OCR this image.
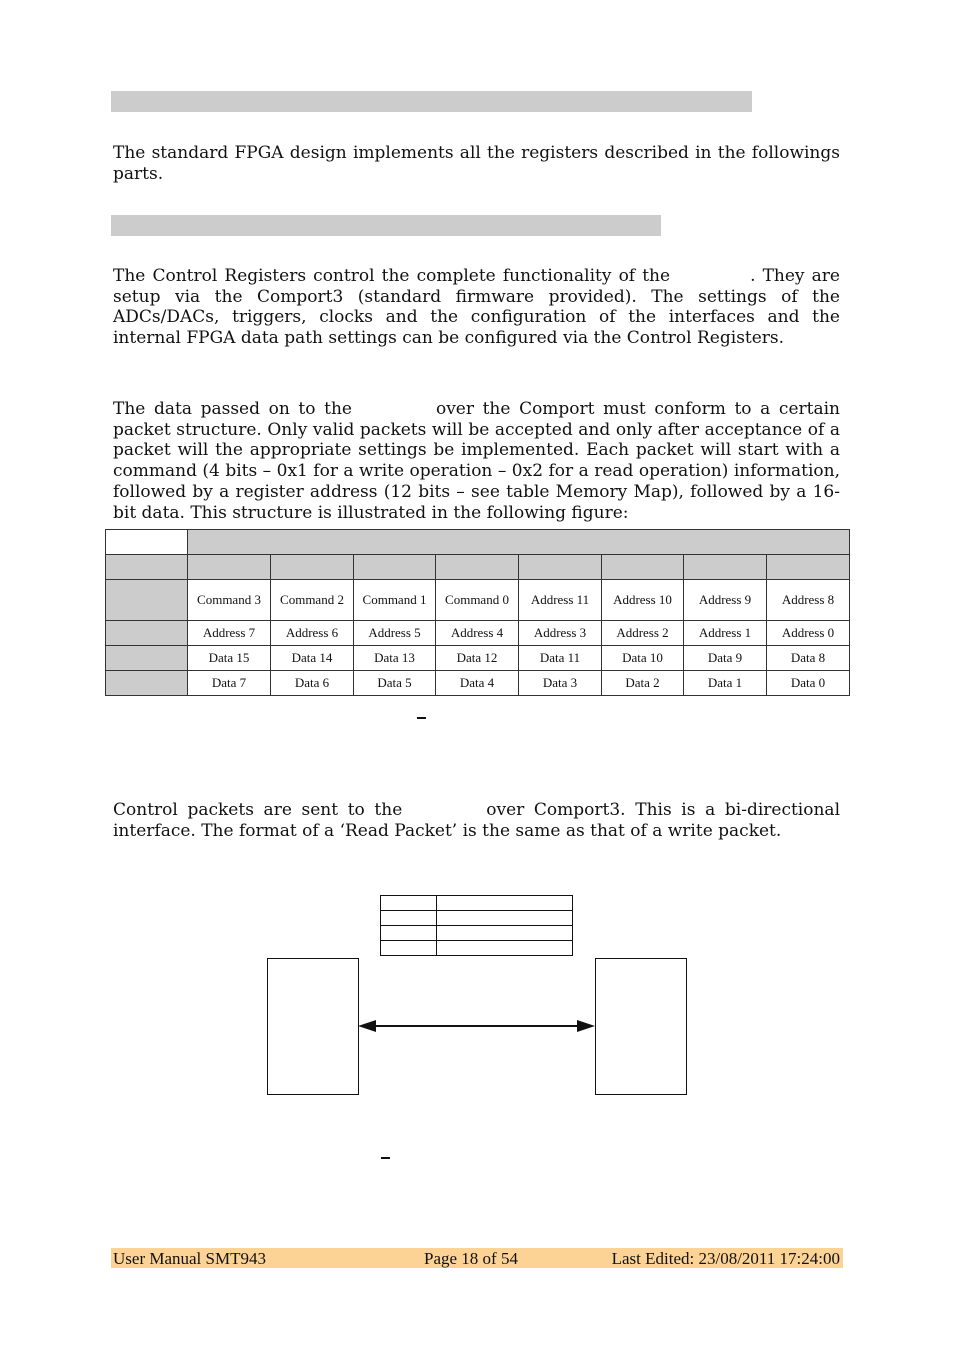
The standard FPGA design implements all the registers described in the followings parts.

The Control Registers control the complete functionality of the	. They are setup via the Comport3 (standard firmware provided). The settings of the ADCs/DACs, triggers, clocks and the configuration of the interfaces and the internal FPGA data path settings can be configured via the Control Registers.

The data passed on to the	over the Comport must conform to a certain packet structure. Only valid packets will be accepted and only after acceptance of a packet will the appropriate settings be implemented. Each packet will start with a command (4 bits – 0x1 for a write operation – 0x2 for a read operation) information, followed by a register address (12 bits – see table Memory Map), followed by a 16-bit data. This structure is illustrated in the following figure:

	Command 3	Command 2	Command 1	Command 0	Address 11	Address 10	Address 9	Address 8
	Address 7	Address 6	Address 5	Address 4	Address 3	Address 2	Address 1	Address 0
	Data 15	Data 14	Data 13	Data 12	Data 11	Data 10	Data 9	Data 8
	Data 7	Data 6	Data 5	Data 4	Data 3	Data 2	Data 1	Data 0

Control packets are sent to the	over Comport3. This is a bi-directional interface. The format of a ‘Read Packet’ is the same as that of a write packet.

User Manual SMT943	Page 18 of 54	Last Edited: 23/08/2011 17:24:00
